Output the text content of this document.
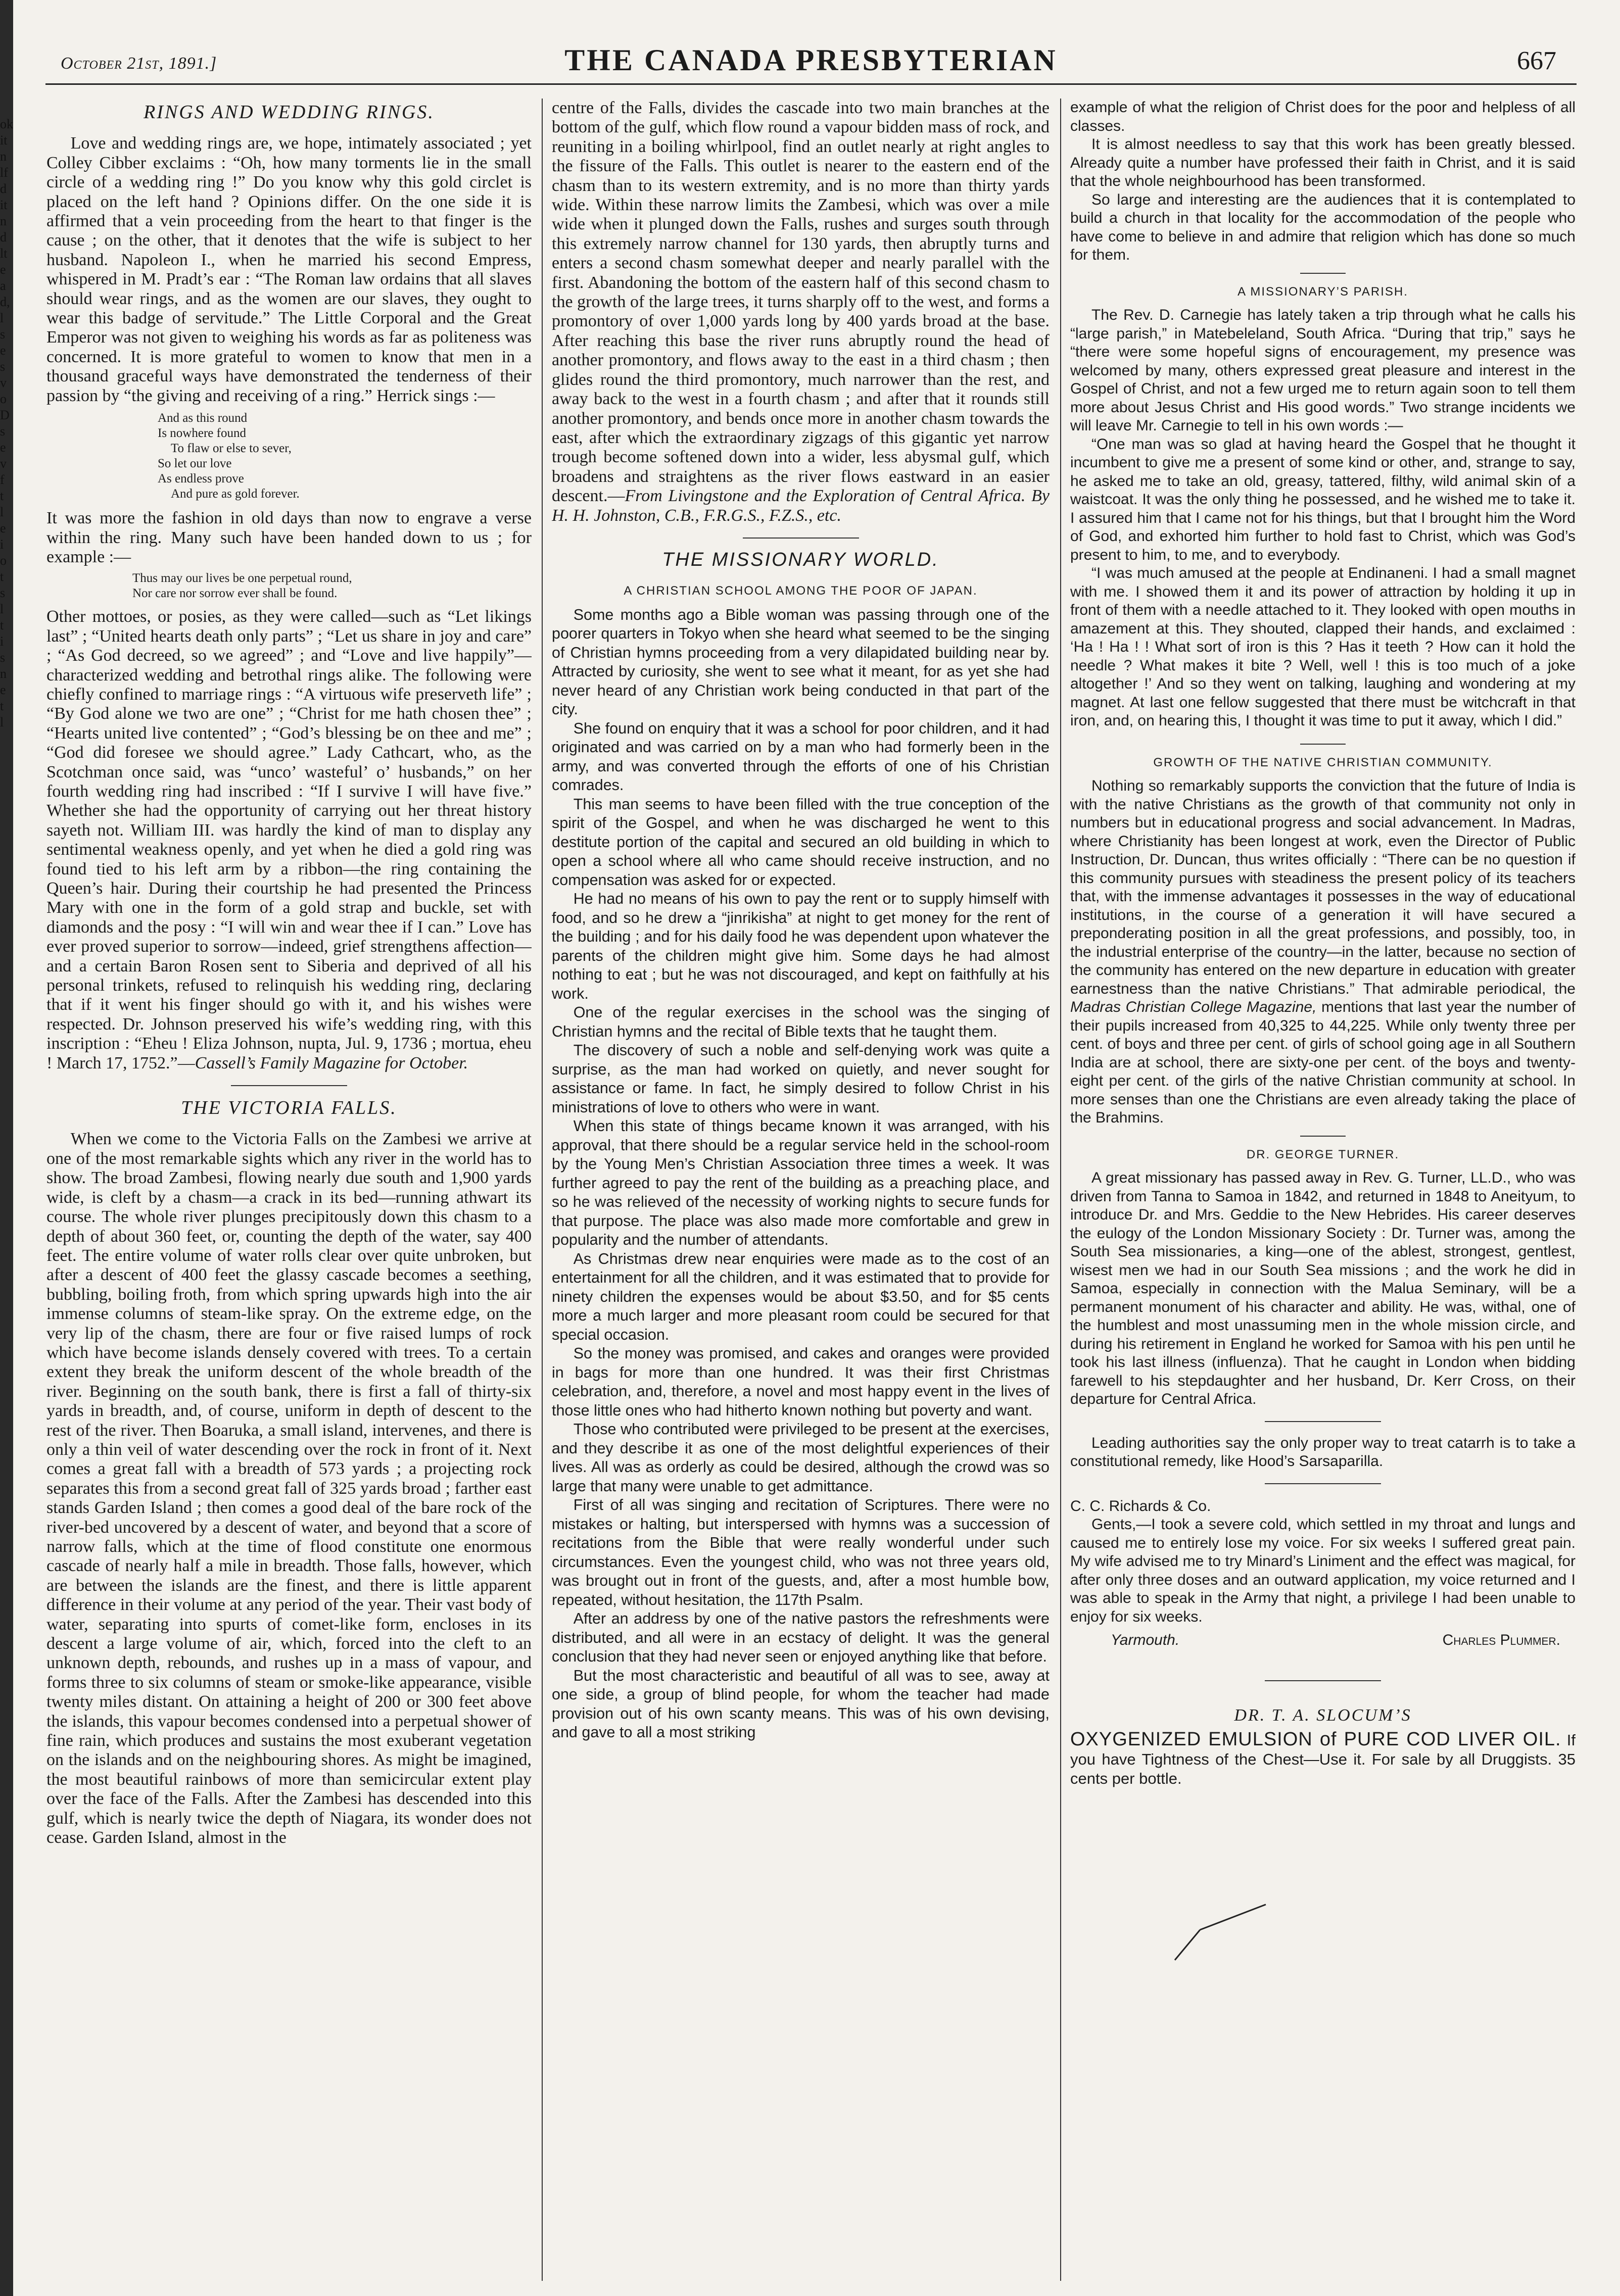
ok
it
n
lf
d
it
n
d
lt
e
a
d,
l
s
e
s
v
o
D
s
e
v
f
t
l
e
i
o
t
s
l
t
i
s
n
e
t
l
October 21st, 1891.]	THE CANADA PRESBYTERIAN	667
RINGS AND WEDDING RINGS.

Love and wedding rings are, we hope, intimately associated ; yet Colley Cibber exclaims : “Oh, how many torments lie in the small circle of a wedding ring !” Do you know why this gold circlet is placed on the left hand ? Opinions differ. On the one side it is affirmed that a vein proceeding from the heart to that finger is the cause ; on the other, that it denotes that the wife is subject to her husband. Napoleon I., when he married his second Empress, whispered in M. Pradt’s ear : “The Roman law ordains that all slaves should wear rings, and as the women are our slaves, they ought to wear this badge of servitude.” The Little Corporal and the Great Emperor was not given to weighing his words as far as politeness was concerned. It is more grateful to women to know that men in a thousand graceful ways have demonstrated the tenderness of their passion by “the giving and receiving of a ring.” Herrick sings :—

And as this round
Is nowhere found
To flaw or else to sever,
So let our love
As endless prove
And pure as gold forever.

It was more the fashion in old days than now to engrave a verse within the ring. Many such have been handed down to us ; for example :—

Thus may our lives be one perpetual round,
Nor care nor sorrow ever shall be found.

Other mottoes, or posies, as they were called—such as “Let likings last” ; “United hearts death only parts” ; “Let us share in joy and care” ; “As God decreed, so we agreed” ; and “Love and live happily”—characterized wedding and betrothal rings alike. The following were chiefly confined to marriage rings : “A virtuous wife preserveth life” ; “By God alone we two are one” ; “Christ for me hath chosen thee” ; “Hearts united live contented” ; “God’s blessing be on thee and me” ; “God did foresee we should agree.” Lady Cathcart, who, as the Scotchman once said, was “unco’ wasteful’ o’ husbands,” on her fourth wedding ring had inscribed : “If I survive I will have five.” Whether she had the opportunity of carrying out her threat history sayeth not. William III. was hardly the kind of man to display any sentimental weakness openly, and yet when he died a gold ring was found tied to his left arm by a ribbon—the ring containing the Queen’s hair. During their courtship he had presented the Princess Mary with one in the form of a gold strap and buckle, set with diamonds and the posy : “I will win and wear thee if I can.” Love has ever proved superior to sorrow—indeed, grief strengthens affection—and a certain Baron Rosen sent to Siberia and deprived of all his personal trinkets, refused to relinquish his wedding ring, declaring that if it went his finger should go with it, and his wishes were respected. Dr. Johnson preserved his wife’s wedding ring, with this inscription : “Eheu ! Eliza Johnson, nupta, Jul. 9, 1736 ; mortua, eheu ! March 17, 1752.”—Cassell’s Family Magazine for October.

THE VICTORIA FALLS.

When we come to the Victoria Falls on the Zambesi we arrive at one of the most remarkable sights which any river in the world has to show. The broad Zambesi, flowing nearly due south and 1,900 yards wide, is cleft by a chasm—a crack in its bed—running athwart its course. The whole river plunges precipitously down this chasm to a depth of about 360 feet, or, counting the depth of the water, say 400 feet. The entire volume of water rolls clear over quite unbroken, but after a descent of 400 feet the glassy cascade becomes a seething, bubbling, boiling froth, from which spring upwards high into the air immense columns of steam-like spray. On the extreme edge, on the very lip of the chasm, there are four or five raised lumps of rock which have become islands densely covered with trees. To a certain extent they break the uniform descent of the whole breadth of the river. Beginning on the south bank, there is first a fall of thirty-six yards in breadth, and, of course, uniform in depth of descent to the rest of the river. Then Boaruka, a small island, intervenes, and there is only a thin veil of water descending over the rock in front of it. Next comes a great fall with a breadth of 573 yards ; a projecting rock separates this from a second great fall of 325 yards broad ; farther east stands Garden Island ; then comes a good deal of the bare rock of the river-bed uncovered by a descent of water, and beyond that a score of narrow falls, which at the time of flood constitute one enormous cascade of nearly half a mile in breadth. Those falls, however, which are between the islands are the finest, and there is little apparent difference in their volume at any period of the year. Their vast body of water, separating into spurts of comet-like form, encloses in its descent a large volume of air, which, forced into the cleft to an unknown depth, rebounds, and rushes up in a mass of vapour, and forms three to six columns of steam or smoke-like appearance, visible twenty miles distant. On attaining a height of 200 or 300 feet above the islands, this vapour becomes condensed into a perpetual shower of fine rain, which produces and sustains the most exuberant vegetation on the islands and on the neighbouring shores. As might be imagined, the most beautiful rainbows of more than semicircular extent play over the face of the Falls. After the Zambesi has descended into this gulf, which is nearly twice the depth of Niagara, its wonder does not cease. Garden Island, almost in the

centre of the Falls, divides the cascade into two main branches at the bottom of the gulf, which flow round a vapour bidden mass of rock, and reuniting in a boiling whirlpool, find an outlet nearly at right angles to the fissure of the Falls. This outlet is nearer to the eastern end of the chasm than to its western extremity, and is no more than thirty yards wide. Within these narrow limits the Zambesi, which was over a mile wide when it plunged down the Falls, rushes and surges south through this extremely narrow channel for 130 yards, then abruptly turns and enters a second chasm somewhat deeper and nearly parallel with the first. Abandoning the bottom of the eastern half of this second chasm to the growth of the large trees, it turns sharply off to the west, and forms a promontory of over 1,000 yards long by 400 yards broad at the base. After reaching this base the river runs abruptly round the head of another promontory, and flows away to the east in a third chasm ; then glides round the third promontory, much narrower than the rest, and away back to the west in a fourth chasm ; and after that it rounds still another promontory, and bends once more in another chasm towards the east, after which the extraordinary zigzags of this gigantic yet narrow trough become softened down into a wider, less abysmal gulf, which broadens and straightens as the river flows eastward in an easier descent.—From Livingstone and the Exploration of Central Africa. By H. H. Johnston, C.B., F.R.G.S., F.Z.S., etc.

THE MISSIONARY WORLD.
A CHRISTIAN SCHOOL AMONG THE POOR OF JAPAN.

Some months ago a Bible woman was passing through one of the poorer quarters in Tokyo when she heard what seemed to be the singing of Christian hymns proceeding from a very dilapidated building near by. Attracted by curiosity, she went to see what it meant, for as yet she had never heard of any Christian work being conducted in that part of the city.

She found on enquiry that it was a school for poor children, and it had originated and was carried on by a man who had formerly been in the army, and was converted through the efforts of one of his Christian comrades.

This man seems to have been filled with the true conception of the spirit of the Gospel, and when he was discharged he went to this destitute portion of the capital and secured an old building in which to open a school where all who came should receive instruction, and no compensation was asked for or expected.

He had no means of his own to pay the rent or to supply himself with food, and so he drew a “jinrikisha” at night to get money for the rent of the building ; and for his daily food he was dependent upon whatever the parents of the children might give him. Some days he had almost nothing to eat ; but he was not discouraged, and kept on faithfully at his work.

One of the regular exercises in the school was the singing of Christian hymns and the recital of Bible texts that he taught them.

The discovery of such a noble and self-denying work was quite a surprise, as the man had worked on quietly, and never sought for assistance or fame. In fact, he simply desired to follow Christ in his ministrations of love to others who were in want.

When this state of things became known it was arranged, with his approval, that there should be a regular service held in the school-room by the Young Men’s Christian Association three times a week. It was further agreed to pay the rent of the building as a preaching place, and so he was relieved of the necessity of working nights to secure funds for that purpose. The place was also made more comfortable and grew in popularity and the number of attendants.

As Christmas drew near enquiries were made as to the cost of an entertainment for all the children, and it was estimated that to provide for ninety children the expenses would be about $3.50, and for $5 cents more a much larger and more pleasant room could be secured for that special occasion.

So the money was promised, and cakes and oranges were provided in bags for more than one hundred. It was their first Christmas celebration, and, therefore, a novel and most happy event in the lives of those little ones who had hitherto known nothing but poverty and want.

Those who contributed were privileged to be present at the exercises, and they describe it as one of the most delightful experiences of their lives. All was as orderly as could be desired, although the crowd was so large that many were unable to get admittance.

First of all was singing and recitation of Scriptures. There were no mistakes or halting, but interspersed with hymns was a succession of recitations from the Bible that were really wonderful under such circumstances. Even the youngest child, who was not three years old, was brought out in front of the guests, and, after a most humble bow, repeated, without hesitation, the 117th Psalm.

After an address by one of the native pastors the refreshments were distributed, and all were in an ecstacy of delight. It was the general conclusion that they had never seen or enjoyed anything like that before.

But the most characteristic and beautiful of all was to see, away at one side, a group of blind people, for whom the teacher had made provision out of his own scanty means. This was of his own devising, and gave to all a most striking

example of what the religion of Christ does for the poor and helpless of all classes.

It is almost needless to say that this work has been greatly blessed. Already quite a number have professed their faith in Christ, and it is said that the whole neighbourhood has been transformed.

So large and interesting are the audiences that it is contemplated to build a church in that locality for the accommodation of the people who have come to believe in and admire that religion which has done so much for them.

A MISSIONARY’S PARISH.

The Rev. D. Carnegie has lately taken a trip through what he calls his “large parish,” in Matebeleland, South Africa. “During that trip,” says he “there were some hopeful signs of encouragement, my presence was welcomed by many, others expressed great pleasure and interest in the Gospel of Christ, and not a few urged me to return again soon to tell them more about Jesus Christ and His good words.” Two strange incidents we will leave Mr. Carnegie to tell in his own words :—

“One man was so glad at having heard the Gospel that he thought it incumbent to give me a present of some kind or other, and, strange to say, he asked me to take an old, greasy, tattered, filthy, wild animal skin of a waistcoat. It was the only thing he possessed, and he wished me to take it. I assured him that I came not for his things, but that I brought him the Word of God, and exhorted him further to hold fast to Christ, which was God’s present to him, to me, and to everybody.

“I was much amused at the people at Endinaneni. I had a small magnet with me. I showed them it and its power of attraction by holding it up in front of them with a needle attached to it. They looked with open mouths in amazement at this. They shouted, clapped their hands, and exclaimed : ‘Ha ! Ha ! ! What sort of iron is this ? Has it teeth ? How can it hold the needle ? What makes it bite ? Well, well ! this is too much of a joke altogether !’ And so they went on talking, laughing and wondering at my magnet. At last one fellow suggested that there must be witchcraft in that iron, and, on hearing this, I thought it was time to put it away, which I did.”

GROWTH OF THE NATIVE CHRISTIAN COMMUNITY.

Nothing so remarkably supports the conviction that the future of India is with the native Christians as the growth of that community not only in numbers but in educational progress and social advancement. In Madras, where Christianity has been longest at work, even the Director of Public Instruction, Dr. Duncan, thus writes officially : “There can be no question if this community pursues with steadiness the present policy of its teachers that, with the immense advantages it possesses in the way of educational institutions, in the course of a generation it will have secured a preponderating position in all the great professions, and possibly, too, in the industrial enterprise of the country—in the latter, because no section of the community has entered on the new departure in education with greater earnestness than the native Christians.” That admirable periodical, the Madras Christian College Magazine, mentions that last year the number of their pupils increased from 40,325 to 44,225. While only twenty three per cent. of boys and three per cent. of girls of school going age in all Southern India are at school, there are sixty-one per cent. of the boys and twenty-eight per cent. of the girls of the native Christian community at school. In more senses than one the Christians are even already taking the place of the Brahmins.

DR. GEORGE TURNER.

A great missionary has passed away in Rev. G. Turner, LL.D., who was driven from Tanna to Samoa in 1842, and returned in 1848 to Aneityum, to introduce Dr. and Mrs. Geddie to the New Hebrides. His career deserves the eulogy of the London Missionary Society : Dr. Turner was, among the South Sea missionaries, a king—one of the ablest, strongest, gentlest, wisest men we had in our South Sea missions ; and the work he did in Samoa, especially in connection with the Malua Seminary, will be a permanent monument of his character and ability. He was, withal, one of the humblest and most unassuming men in the whole mission circle, and during his retirement in England he worked for Samoa with his pen until he took his last illness (influenza). That he caught in London when bidding farewell to his stepdaughter and her husband, Dr. Kerr Cross, on their departure for Central Africa.

Leading authorities say the only proper way to treat catarrh is to take a constitutional remedy, like Hood’s Sarsaparilla.

C. C. Richards & Co.

Gents,—I took a severe cold, which settled in my throat and lungs and caused me to entirely lose my voice. For six weeks I suffered great pain. My wife advised me to try Minard’s Liniment and the effect was magical, for after only three doses and an outward application, my voice returned and I was able to speak in the Army that night, a privilege I had been unable to enjoy for six weeks.

Yarmouth.	Charles Plummer.
DR. T. A. SLOCUM’S
OXYGENIZED EMULSION of PURE COD LIVER OIL. If you have Tightness of the Chest—Use it. For sale by all Druggists. 35 cents per bottle.
